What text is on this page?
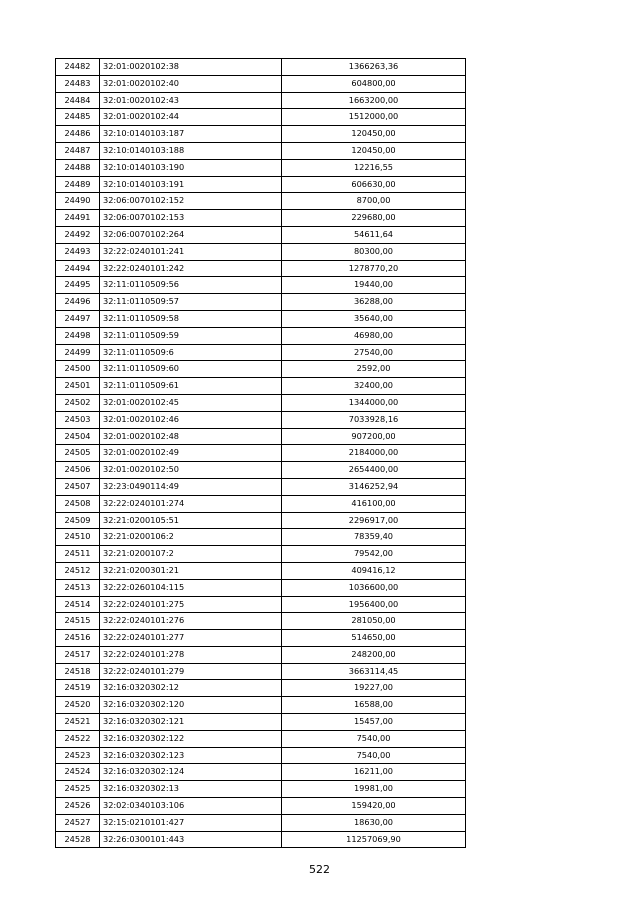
24482	32:01:0020102:38	1366263,36
24483	32:01:0020102:40	604800,00
24484	32:01:0020102:43	1663200,00
24485	32:01:0020102:44	1512000,00
24486	32:10:0140103:187	120450,00
24487	32:10:0140103:188	120450,00
24488	32:10:0140103:190	12216,55
24489	32:10:0140103:191	606630,00
24490	32:06:0070102:152	8700,00
24491	32:06:0070102:153	229680,00
24492	32:06:0070102:264	54611,64
24493	32:22:0240101:241	80300,00
24494	32:22:0240101:242	1278770,20
24495	32:11:0110509:56	19440,00
24496	32:11:0110509:57	36288,00
24497	32:11:0110509:58	35640,00
24498	32:11:0110509:59	46980,00
24499	32:11:0110509:6	27540,00
24500	32:11:0110509:60	2592,00
24501	32:11:0110509:61	32400,00
24502	32:01:0020102:45	1344000,00
24503	32:01:0020102:46	7033928,16
24504	32:01:0020102:48	907200,00
24505	32:01:0020102:49	2184000,00
24506	32:01:0020102:50	2654400,00
24507	32:23:0490114:49	3146252,94
24508	32:22:0240101:274	416100,00
24509	32:21:0200105:51	2296917,00
24510	32:21:0200106:2	78359,40
24511	32:21:0200107:2	79542,00
24512	32:21:0200301:21	409416,12
24513	32:22:0260104:115	1036600,00
24514	32:22:0240101:275	1956400,00
24515	32:22:0240101:276	281050,00
24516	32:22:0240101:277	514650,00
24517	32:22:0240101:278	248200,00
24518	32:22:0240101:279	3663114,45
24519	32:16:0320302:12	19227,00
24520	32:16:0320302:120	16588,00
24521	32:16:0320302:121	15457,00
24522	32:16:0320302:122	7540,00
24523	32:16:0320302:123	7540,00
24524	32:16:0320302:124	16211,00
24525	32:16:0320302:13	19981,00
24526	32:02:0340103:106	159420,00
24527	32:15:0210101:427	18630,00
24528	32:26:0300101:443	11257069,90
522
